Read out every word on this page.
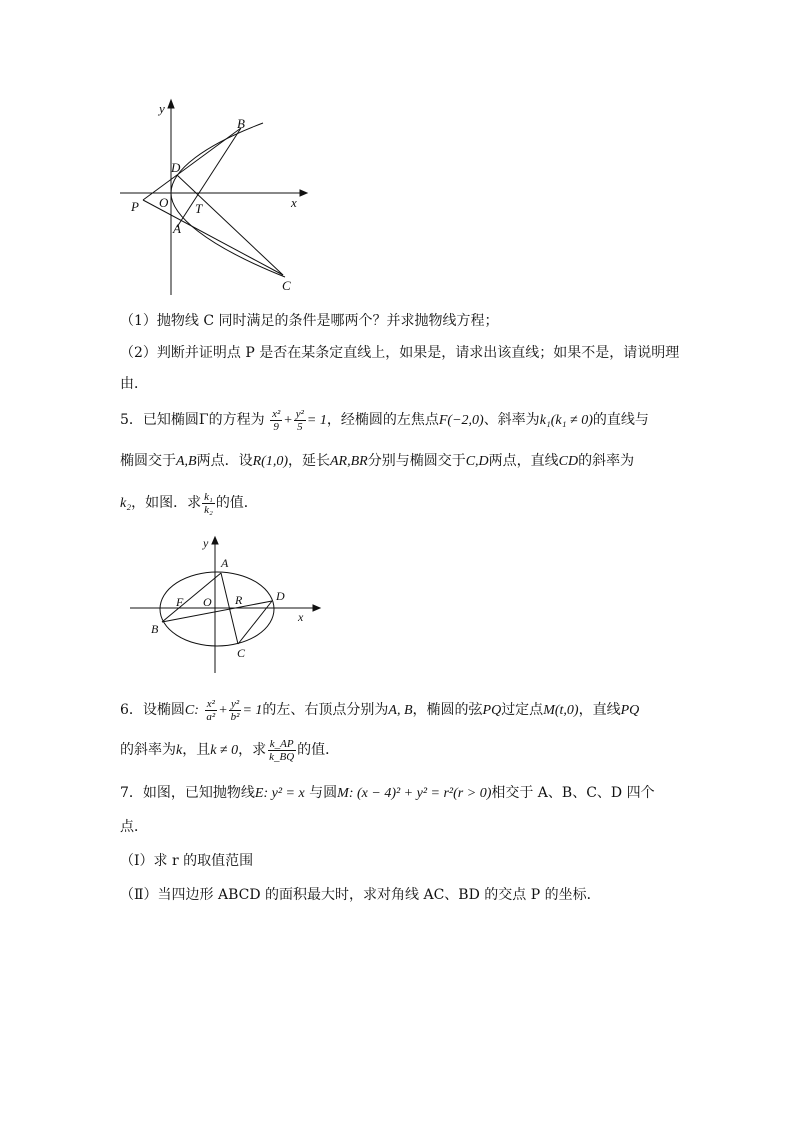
y
x
B
D
P O T
A
C
（1）抛物线 C 同时满足的条件是哪两个？并求抛物线方程；
（2）判断并证明点 P 是否在某条定直线上，如果是，请求出该直线；如果不是，请说明理
由．
5．已知椭圆Γ的方程为 $\frac{\text{x²}}{9} + \frac{\text{y²}}{5} = 1$，经椭圆的左焦点F(−2,0)、斜率为k₁(k₁ ≠ 0)的直线与
椭圆交于A,B两点．设R(1,0)，延长AR,BR分别与椭圆交于C,D两点，直线CD的斜率为
k₂，如图．求 $\frac{\text{k₁}}{\text{k₂}}$ 的值．
y
A
F O R	D
B
C
x
6．设椭圆C: $\frac{\text{x²}}{\text{a²}} + \frac{\text{y²}}{\text{b²}} = 1$的左、右顶点分别为A, B，椭圆的弦PQ过定点M(t,0)，直线PQ
的斜率为k，且k ≠ 0，求 $\frac{k\_AP}{k\_BQ}$ 的值．
7．如图，已知抛物线E: y² = x 与圆M: (x − 4)² + y² = r²(r > 0)相交于 A、B、C、D 四个
点．
（Ⅰ）求 r 的取值范围
（Ⅱ）当四边形 ABCD 的面积最大时，求对角线 AC、BD 的交点 P 的坐标．
